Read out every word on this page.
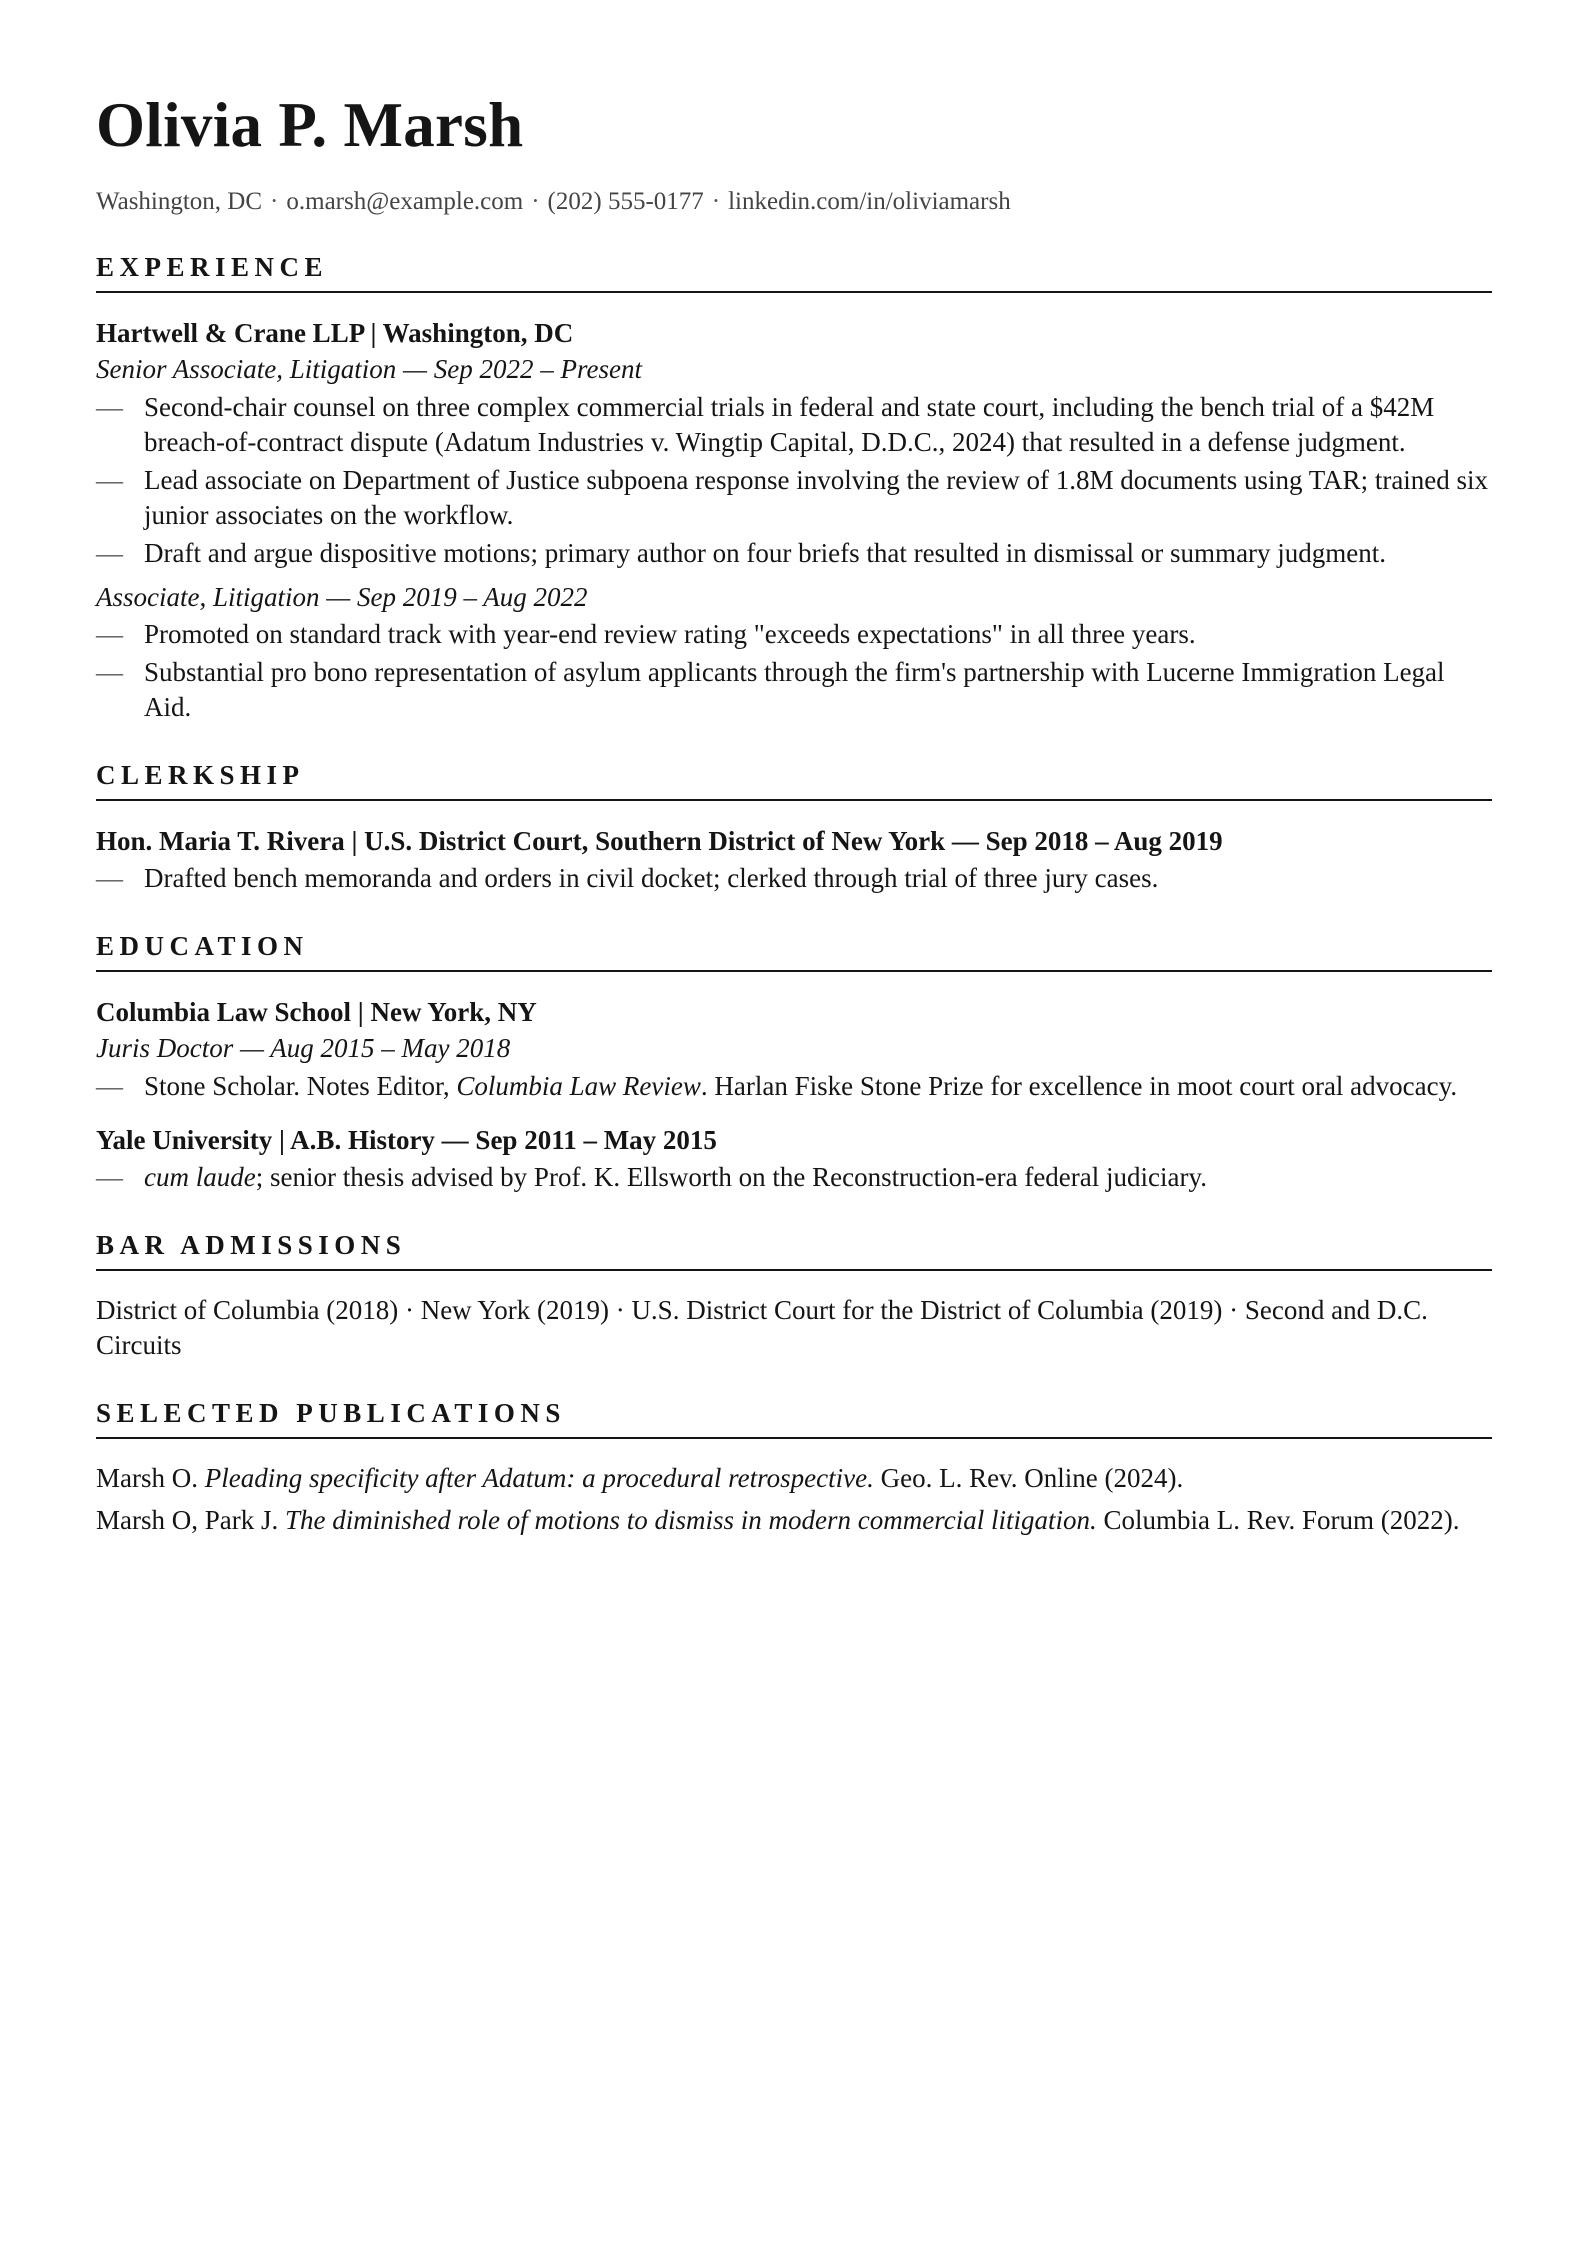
Olivia P. Marsh
Washington, DC · o.marsh@example.com · (202) 555-0177 · linkedin.com/in/oliviamarsh
EXPERIENCE
Hartwell & Crane LLP | Washington, DC
Senior Associate, Litigation — Sep 2022 – Present
— Second-chair counsel on three complex commercial trials in federal and state court, including the bench trial of a $42M breach-of-contract dispute (Adatum Industries v. Wingtip Capital, D.D.C., 2024) that resulted in a defense judgment.
— Lead associate on Department of Justice subpoena response involving the review of 1.8M documents using TAR; trained six junior associates on the workflow.
— Draft and argue dispositive motions; primary author on four briefs that resulted in dismissal or summary judgment.
Associate, Litigation — Sep 2019 – Aug 2022
— Promoted on standard track with year-end review rating "exceeds expectations" in all three years.
— Substantial pro bono representation of asylum applicants through the firm's partnership with Lucerne Immigration Legal Aid.
CLERKSHIP
Hon. Maria T. Rivera | U.S. District Court, Southern District of New York — Sep 2018 – Aug 2019
— Drafted bench memoranda and orders in civil docket; clerked through trial of three jury cases.
EDUCATION
Columbia Law School | New York, NY
Juris Doctor — Aug 2015 – May 2018
— Stone Scholar. Notes Editor, Columbia Law Review. Harlan Fiske Stone Prize for excellence in moot court oral advocacy.
Yale University | A.B. History — Sep 2011 – May 2015
— cum laude; senior thesis advised by Prof. K. Ellsworth on the Reconstruction-era federal judiciary.
BAR ADMISSIONS
District of Columbia (2018) · New York (2019) · U.S. District Court for the District of Columbia (2019) · Second and D.C. Circuits
SELECTED PUBLICATIONS
Marsh O. Pleading specificity after Adatum: a procedural retrospective. Geo. L. Rev. Online (2024).
Marsh O, Park J. The diminished role of motions to dismiss in modern commercial litigation. Columbia L. Rev. Forum (2022).
